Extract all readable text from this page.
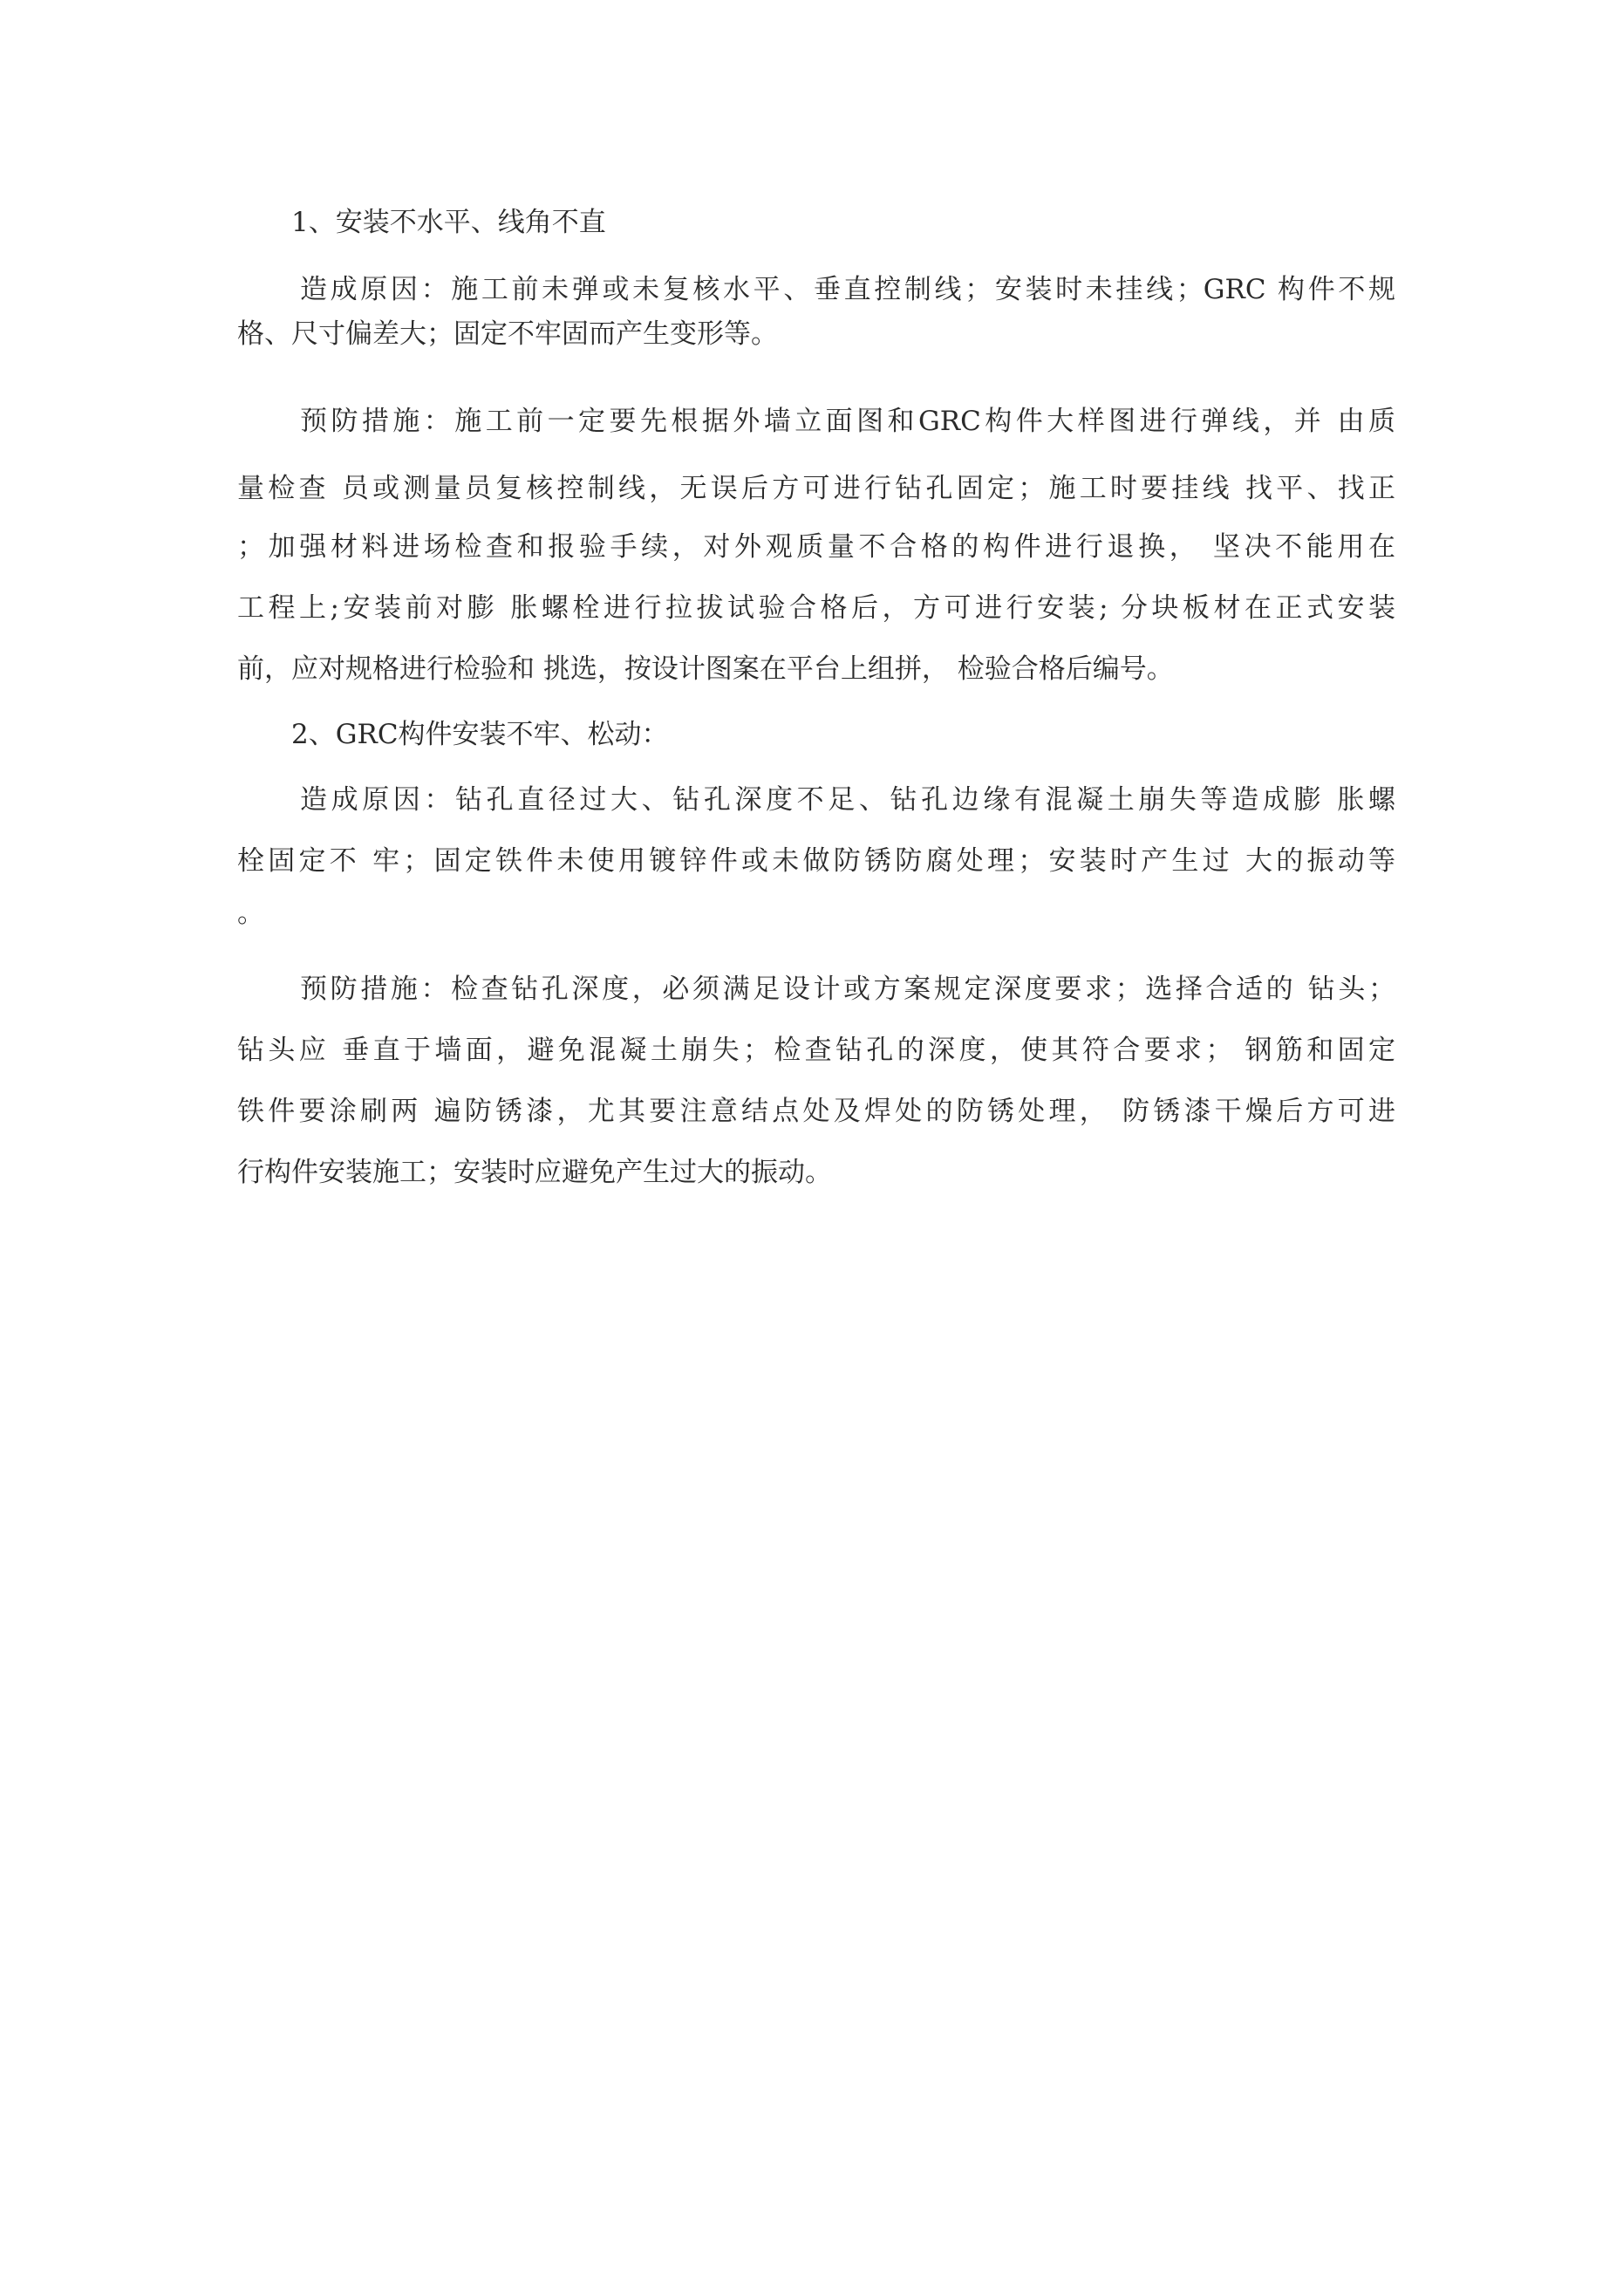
1、安装不水平、线角不直
造成原因：施工前未弹或未复核水平、垂直控制线；安装时未挂线；GRC 构件不规
格、尺寸偏差大；固定不牢固而产生变形等。
预防措施：施工前一定要先根据外墙立面图和GRC构件大样图进行弹线，并 由质
量检查 员或测量员复核控制线，无误后方可进行钻孔固定；施工时要挂线 找平、找正
；加强材料进场检查和报验手续，对外观质量不合格的构件进行退换， 坚决不能用在
工程上;安装前对膨 胀螺栓进行拉拔试验合格后，方可进行安装; 分块板材在正式安装
前，应对规格进行检验和 挑选，按设计图案在平台上组拼， 检验合格后编号。
2、GRC构件安装不牢、松动：
造成原因：钻孔直径过大、钻孔深度不足、钻孔边缘有混凝土崩失等造成膨 胀螺
栓固定不 牢；固定铁件未使用镀锌件或未做防锈防腐处理；安装时产生过 大的振动等
。
预防措施：检查钻孔深度，必须满足设计或方案规定深度要求；选择合适的 钻头；
钻头应 垂直于墙面，避免混凝土崩失；检查钻孔的深度，使其符合要求； 钢筋和固定
铁件要涂刷两 遍防锈漆，尤其要注意结点处及焊处的防锈处理， 防锈漆干燥后方可进
行构件安装施工；安装时应避免产生过大的振动。
